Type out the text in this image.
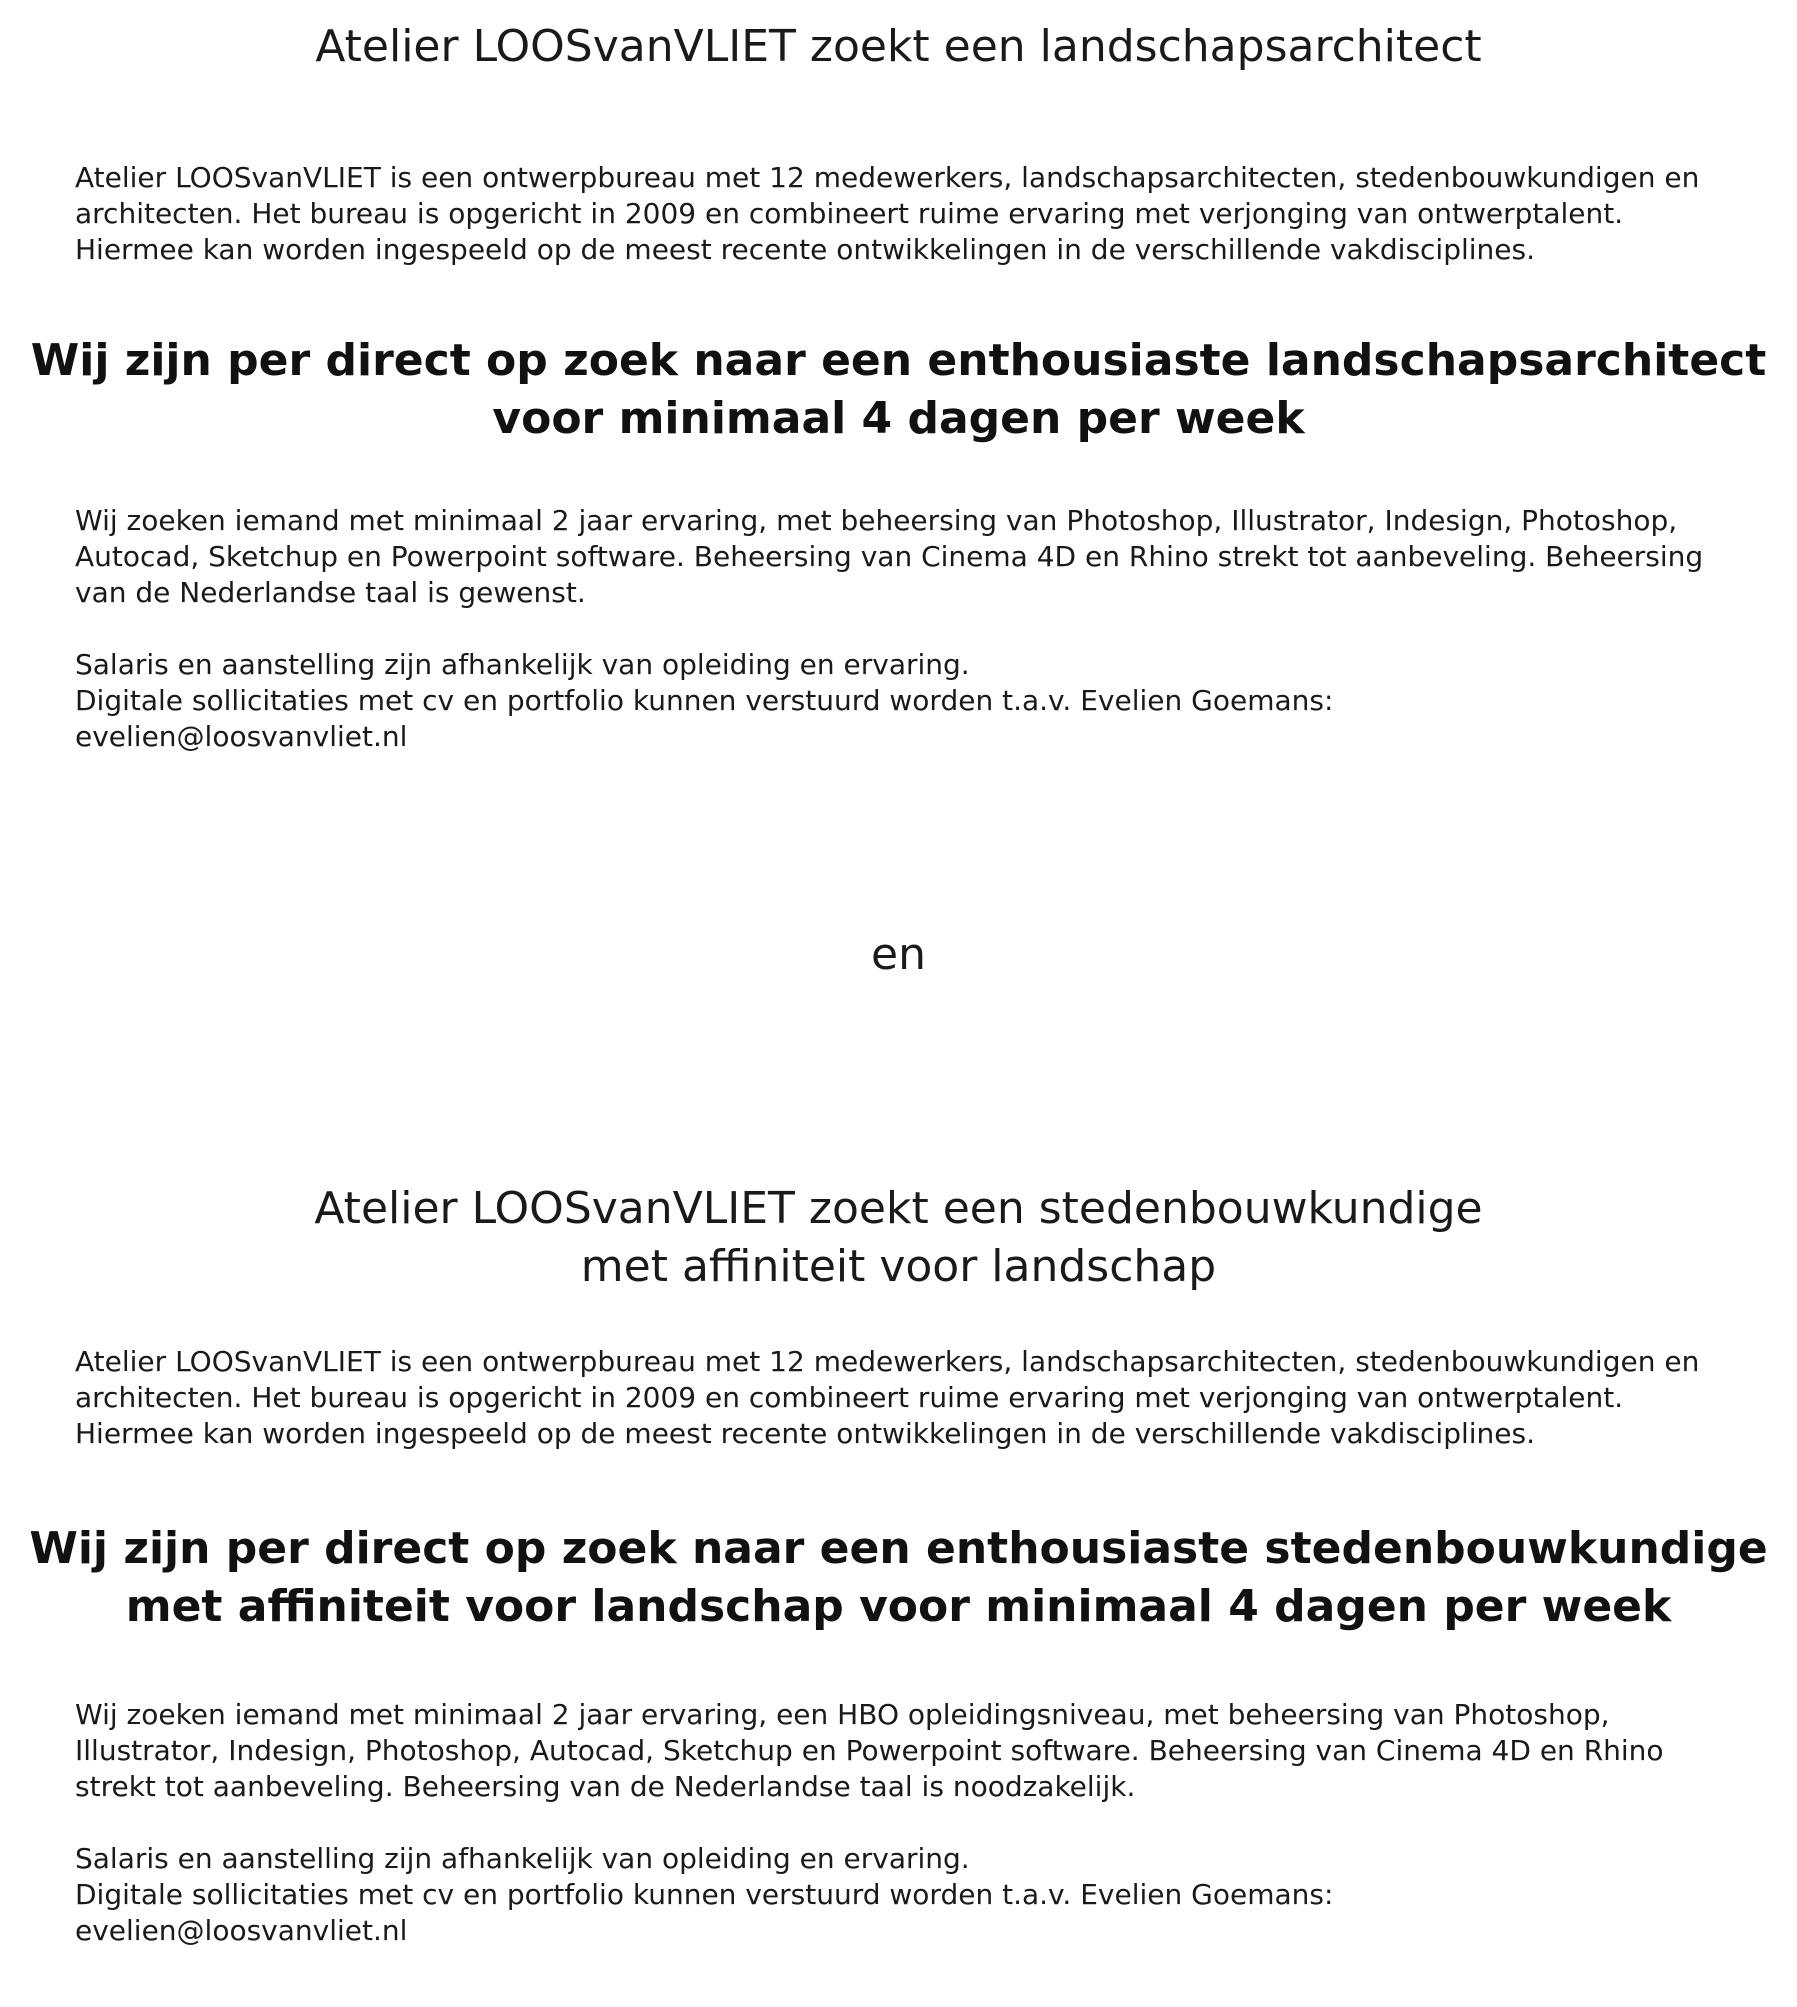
Atelier LOOSvanVLIET zoekt een landschapsarchitect

Atelier LOOSvanVLIET is een ontwerpbureau met 12 medewerkers, landschapsarchitecten, stedenbouwkundigen en
architecten. Het bureau is opgericht in 2009 en combineert ruime ervaring met verjonging van ontwerptalent.
Hiermee kan worden ingespeeld op de meest recente ontwikkelingen in de verschillende vakdisciplines.

Wij zijn per direct op zoek naar een enthousiaste landschapsarchitect
voor minimaal 4 dagen per week

Wij zoeken iemand met minimaal 2 jaar ervaring, met beheersing van Photoshop, Illustrator, Indesign, Photoshop,
Autocad, Sketchup en Powerpoint software. Beheersing van Cinema 4D en Rhino strekt tot aanbeveling. Beheersing
van de Nederlandse taal is gewenst.

Salaris en aanstelling zijn afhankelijk van opleiding en ervaring.
Digitale sollicitaties met cv en portfolio kunnen verstuurd worden t.a.v. Evelien Goemans:
evelien@loosvanvliet.nl

en
Atelier LOOSvanVLIET zoekt een stedenbouwkundige
met affiniteit voor landschap

Atelier LOOSvanVLIET is een ontwerpbureau met 12 medewerkers, landschapsarchitecten, stedenbouwkundigen en
architecten. Het bureau is opgericht in 2009 en combineert ruime ervaring met verjonging van ontwerptalent.
Hiermee kan worden ingespeeld op de meest recente ontwikkelingen in de verschillende vakdisciplines.

Wij zijn per direct op zoek naar een enthousiaste stedenbouwkundige
met affiniteit voor landschap voor minimaal 4 dagen per week

Wij zoeken iemand met minimaal 2 jaar ervaring, een HBO opleidingsniveau, met beheersing van Photoshop,
Illustrator, Indesign, Photoshop, Autocad, Sketchup en Powerpoint software. Beheersing van Cinema 4D en Rhino
strekt tot aanbeveling. Beheersing van de Nederlandse taal is noodzakelijk.

Salaris en aanstelling zijn afhankelijk van opleiding en ervaring.
Digitale sollicitaties met cv en portfolio kunnen verstuurd worden t.a.v. Evelien Goemans:
evelien@loosvanvliet.nl
